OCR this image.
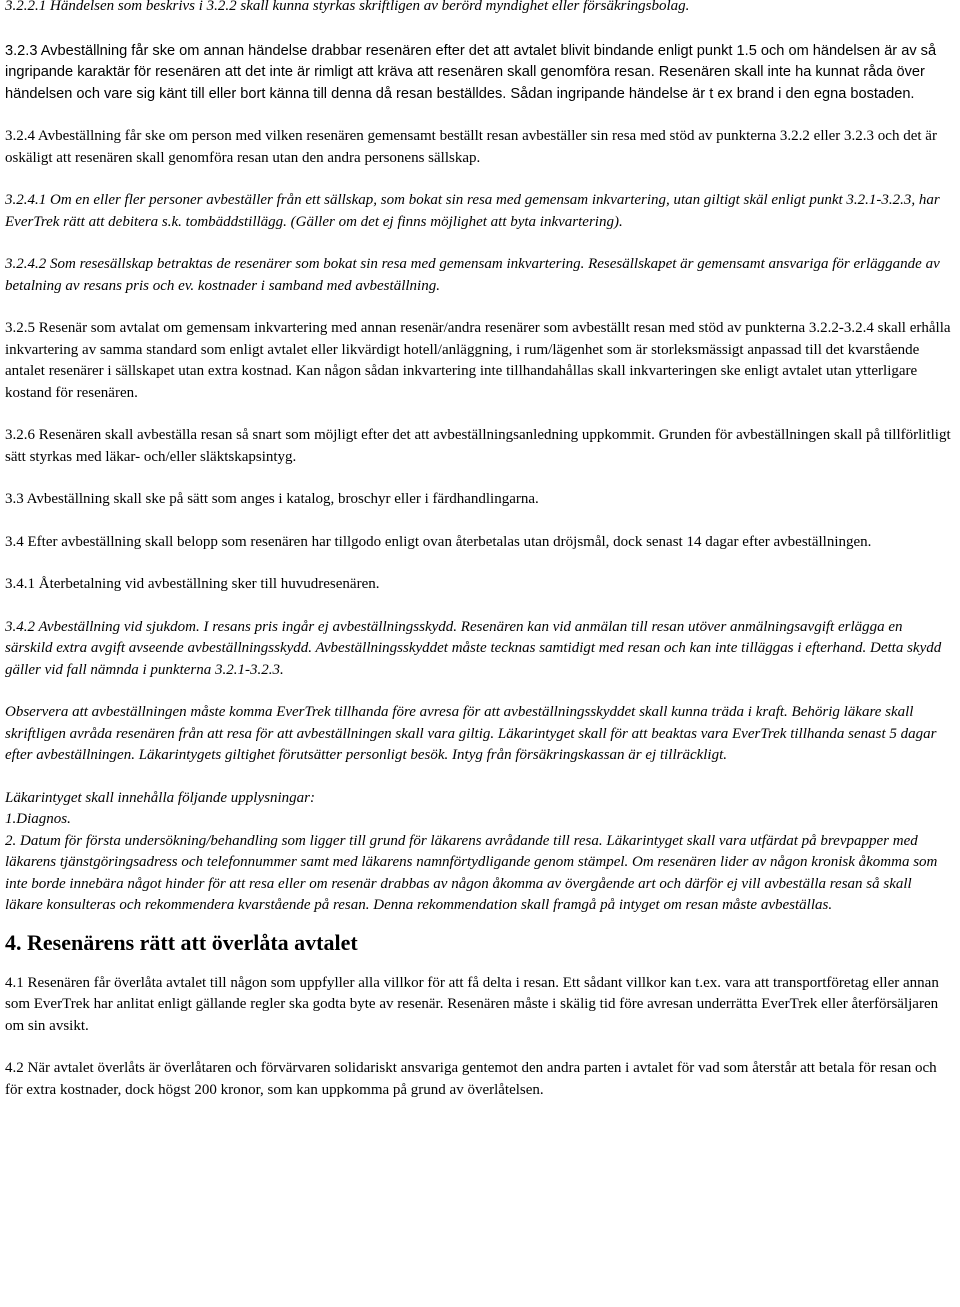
3.2.2.1 Händelsen som beskrivs i 3.2.2 skall kunna styrkas skriftligen av berörd myndighet eller försäkringsbolag.

3.2.3 Avbeställning får ske om annan händelse drabbar resenären efter det att avtalet blivit bindande enligt punkt 1.5 och om händelsen är av så ingripande karaktär för resenären att det inte är rimligt att kräva att resenären skall genomföra resan. Resenären skall inte ha kunnat råda över händelsen och vare sig känt till eller bort känna till denna då resan beställdes. Sådan ingripande händelse är t ex brand i den egna bostaden.

3.2.4 Avbeställning får ske om person med vilken resenären gemensamt beställt resan avbeställer sin resa med stöd av punkterna 3.2.2 eller 3.2.3 och det är oskäligt att resenären skall genomföra resan utan den andra personens sällskap.

3.2.4.1 Om en eller fler personer avbeställer från ett sällskap, som bokat sin resa med gemensam inkvartering, utan giltigt skäl enligt punkt 3.2.1-3.2.3, har EverTrek rätt att debitera s.k. tombäddstillägg. (Gäller om det ej finns möjlighet att byta inkvartering).

3.2.4.2 Som resesällskap betraktas de resenärer som bokat sin resa med gemensam inkvartering. Resesällskapet är gemensamt ansvariga för erläggande av betalning av resans pris och ev. kostnader i samband med avbeställning.

3.2.5 Resenär som avtalat om gemensam inkvartering med annan resenär/andra resenärer som avbeställt resan med stöd av punkterna 3.2.2-3.2.4 skall erhålla inkvartering av samma standard som enligt avtalet eller likvärdigt hotell/anläggning, i rum/lägenhet som är storleksmässigt anpassad till det kvarstående antalet resenärer i sällskapet utan extra kostnad. Kan någon sådan inkvartering inte tillhandahållas skall inkvarteringen ske enligt avtalet utan ytterligare kostand för resenären.

3.2.6 Resenären skall avbeställa resan så snart som möjligt efter det att avbeställningsanledning uppkommit. Grunden för avbeställningen skall på tillförlitligt sätt styrkas med läkar- och/eller släktskapsintyg.

3.3 Avbeställning skall ske på sätt som anges i katalog, broschyr eller i färdhandlingarna.

3.4 Efter avbeställning skall belopp som resenären har tillgodo enligt ovan återbetalas utan dröjsmål, dock senast 14 dagar efter avbeställningen.

3.4.1 Återbetalning vid avbeställning sker till huvudresenären.

3.4.2 Avbeställning vid sjukdom. I resans pris ingår ej avbeställningsskydd. Resenären kan vid anmälan till resan utöver anmälningsavgift erlägga en särskild extra avgift avseende avbeställningsskydd. Avbeställningsskyddet måste tecknas samtidigt med resan och kan inte tilläggas i efterhand. Detta skydd gäller vid fall nämnda i punkterna 3.2.1-3.2.3.

Observera att avbeställningen måste komma EverTrek tillhanda före avresa för att avbeställningsskyddet skall kunna träda i kraft. Behörig läkare skall skriftligen avråda resenären från att resa för att avbeställningen skall vara giltig. Läkarintyget skall för att beaktas vara EverTrek tillhanda senast 5 dagar efter avbeställningen. Läkarintygets giltighet förutsätter personligt besök. Intyg från försäkringskassan är ej tillräckligt.

Läkarintyget skall innehålla följande upplysningar:
1.Diagnos.
2. Datum för första undersökning/behandling som ligger till grund för läkarens avrådande till resa. Läkarintyget skall vara utfärdat på brevpapper med läkarens tjänstgöringsadress och telefonnummer samt med läkarens namnförtydligande genom stämpel. Om resenären lider av någon kronisk åkomma som inte borde innebära något hinder för att resa eller om resenär drabbas av någon åkomma av övergående art och därför ej vill avbeställa resan så skall läkare konsulteras och rekommendera kvarstående på resan. Denna rekommendation skall framgå på intyget om resan måste avbeställas.
4. Resenärens rätt att överlåta avtalet

4.1 Resenären får överlåta avtalet till någon som uppfyller alla villkor för att få delta i resan. Ett sådant villkor kan t.ex. vara att transportföretag eller annan som EverTrek har anlitat enligt gällande regler ska godta byte av resenär. Resenären måste i skälig tid före avresan underrätta EverTrek eller återförsäljaren om sin avsikt.

4.2 När avtalet överlåts är överlåtaren och förvärvaren solidariskt ansvariga gentemot den andra parten i avtalet för vad som återstår att betala för resan och för extra kostnader, dock högst 200 kronor, som kan uppkomma på grund av överlåtelsen.
